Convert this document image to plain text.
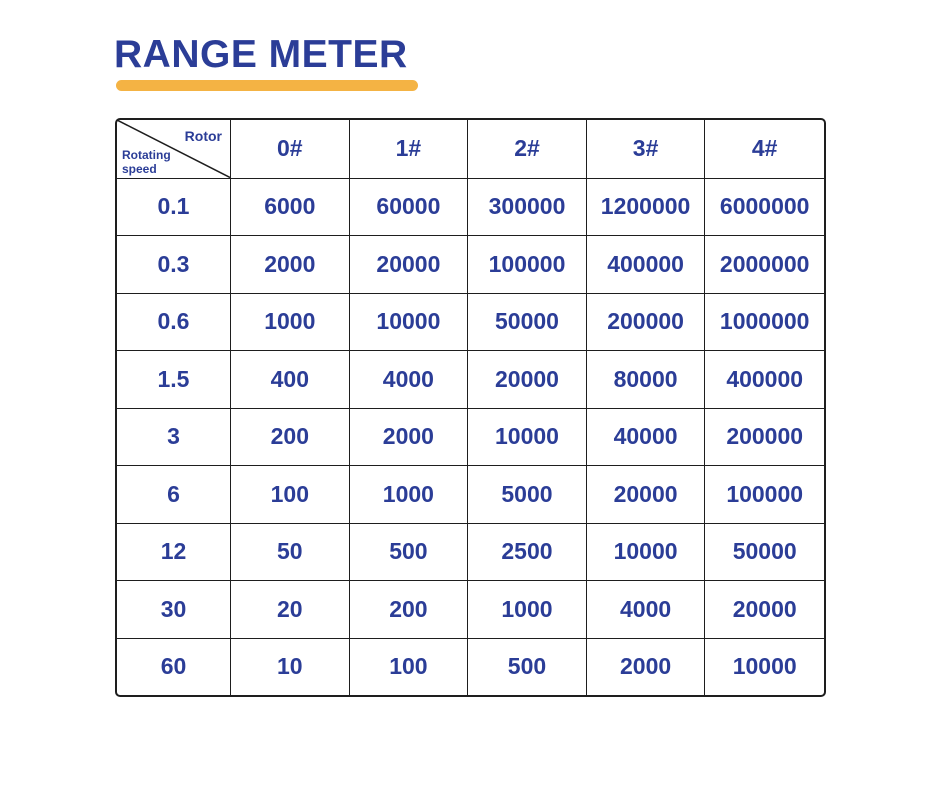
RANGE METER
Rotor
Rotating speed	0#	1#	2#	3#	4#
0.1	6000	60000	300000	1200000	6000000
0.3	2000	20000	100000	400000	2000000
0.6	1000	10000	50000	200000	1000000
1.5	400	4000	20000	80000	400000
3	200	2000	10000	40000	200000
6	100	1000	5000	20000	100000
12	50	500	2500	10000	50000
30	20	200	1000	4000	20000
60	10	100	500	2000	10000
